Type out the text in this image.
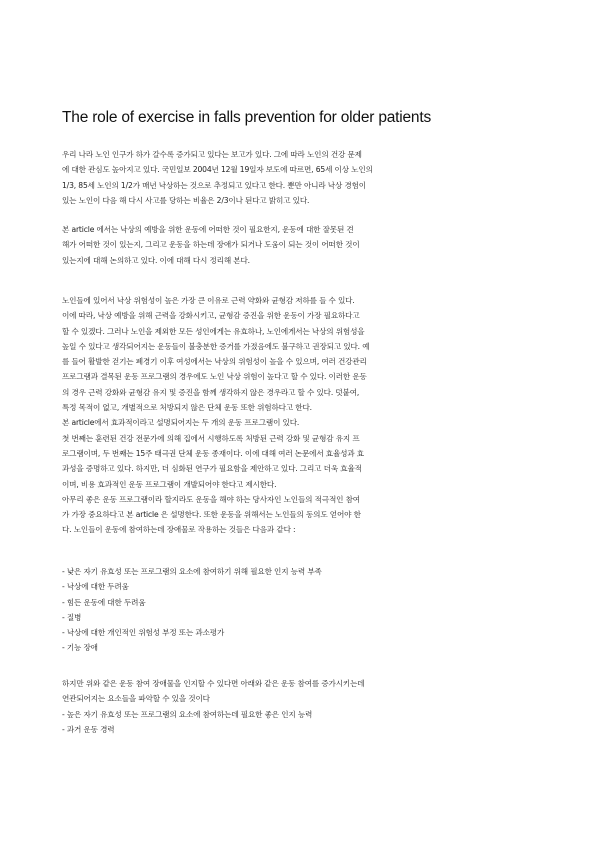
The role of exercise in falls prevention for older patients
우리 나라 노인 인구가 하가 갈수록 증가되고 있다는 보고가 있다. 그에 따라 노인의 건강 문제
에 대한 관심도 높아지고 있다. 국민일보 2004년 12월 19일자 보도에 따르면, 65세 이상 노인의
1/3, 85세 노인의 1/2가 매년 낙상하는 것으로 추정되고 있다고 한다. 뿐만 아니라 낙상 경험이
있는 노인이 다음 해 다시 사고를 당하는 비율은 2/3이나 된다고 밝히고 있다.
본 article 에서는 낙상의 예방을 위한 운동에 어떠한 것이 필요한지, 운동에 대한 잘못된 견
해가 어떠한 것이 있는지, 그리고 운동을 하는데 장애가 되거나 도움이 되는 것이 어떠한 것이
있는지에 대해 논의하고 있다. 이에 대해 다시 정리해 본다.
노인들에 있어서 낙상 위험성이 높은 가장 큰 이유로 근력 약화와 균형감 저하를 들 수 있다.
이에 따라, 낙상 예방을 위해 근력을 강화시키고, 균형감 증진을 위한 운동이 가장 필요하다고
할 수 있겠다. 그러나 노인을 제외한 모든 성인에게는 유효하나, 노인에게서는 낙상의 위험성을
높일 수 있다고 생각되어지는 운동들이 불충분한 증거를 가졌음에도 불구하고 권장되고 있다. 예
를 들어 활발한 걷기는 폐경기 이후 여성에서는 낙상의 위험성이 높을 수 있으며, 여러 건강관리
프로그램과 결목된 운동 프로그램의 경우에도 노인 낙상 위험이 높다고 할 수 있다. 이러한 운동
의 경우 근력 강화와 균형감 유지 및 증진을 함께 생각하지 않은 경우라고 할 수 있다. 덧붙여,
특정 목적이 없고, 개별적으로 처방되지 않은 단체 운동 또한 위험하다고 한다.
본 article에서 효과적이라고 설명되어지는 두 개의 운동 프로그램이 있다.
첫 번째는 훈련된 건강 전문가에 의해 집에서 시행하도록 처방된 근력 강화 및 균형감 유지 프
로그램이며, 두 번째는 15주 태극권 단체 운동 종재이다. 이에 대해 여러 논문에서 효율성과 효
과성을 증명하고 있다. 하지만, 더 심화된 연구가 필요함을 제안하고 있다. 그리고 더욱 효율적
이며, 비용 효과적인 운동 프로그램이 개발되어야 한다고 제시한다.
아무리 좋은 운동 프로그램이라 할지라도 운동을 해야 하는 당사자인 노인들의 적극적인 참여
가 가장 중요하다고 본 article 은 설명한다. 또한 운동을 위해서는 노인들의 동의도 얻어야 한
다. 노인들이 운동에 참여하는데 장애물로 작용하는 것들은 다음과 같다 :
- 낮은 자기 유효성 또는 프로그램의 요소에 참여하기 위해 필요한 인지 능력 부족
- 낙상에 대한 두려움
- 힘든 운동에 대한 두려움
- 질병
- 낙상에 대한 개인적인 위험성 부정 또는 과소평가
- 기능 장애
하지만 위와 같은 운동 참여 장애물을 인지할 수 있다면 아래와 같은 운동 참여를 증가시키는데
연관되어지는 요소들을 파악할 수 있을 것이다
- 높은 자기 유효성 또는 프로그램의 요소에 참여하는데 필요한 좋은 인지 능력
- 과거 운동 경력
